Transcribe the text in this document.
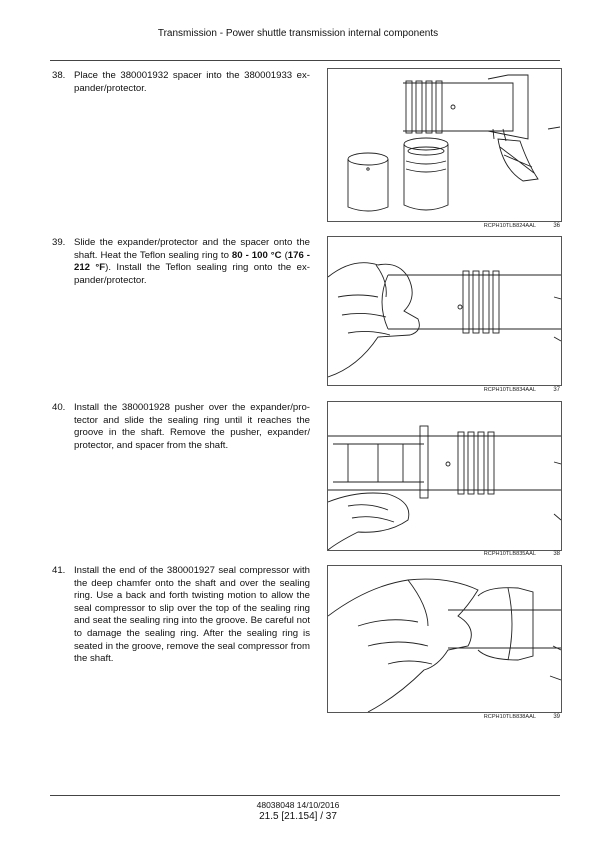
Transmission - Power shuttle transmission internal components
38. Place the 380001932 spacer into the 380001933 ex-pander/protector.
39. Slide the expander/protector and the spacer onto the shaft. Heat the Teflon sealing ring to 80 - 100 °C (176 - 212 °F). Install the Teflon sealing ring onto the ex-pander/protector.
40. Install the 380001928 pusher over the expander/pro-tector and slide the sealing ring until it reaches the groove in the shaft. Remove the pusher, expander/ protector, and spacer from the shaft.
41. Install the end of the 380001927 seal compressor with the deep chamfer onto the shaft and over the sealing ring. Use a back and forth twisting motion to allow the seal compressor to slip over the top of the sealing ring and seat the sealing ring into the groove. Be careful not to damage the sealing ring. After the sealing ring is seated in the groove, remove the seal compressor from the shaft.
RCPH10TLB824AAL	36
RCPH10TLB834AAL	37
RCPH10TLB835AAL	38
RCPH10TLB838AAL	39
48038048 14/10/2016
21.5 [21.154] / 37
